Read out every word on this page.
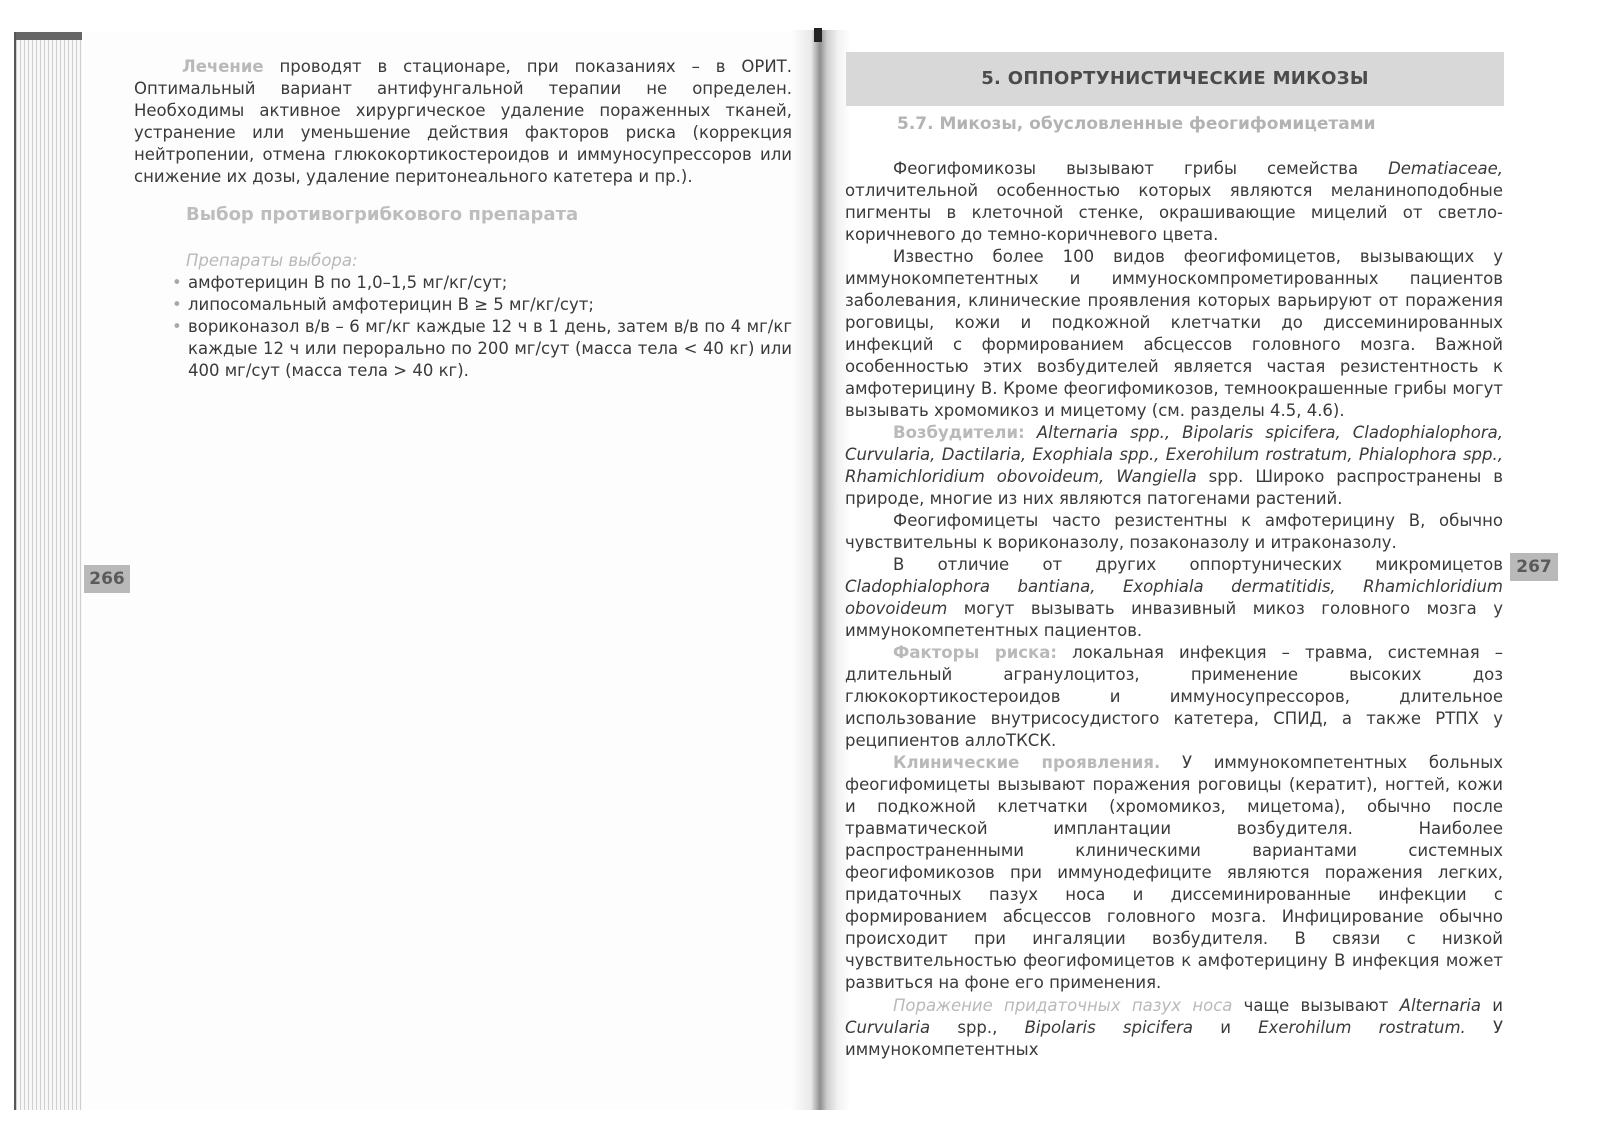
266
267

Лечение проводят в стационаре, при показаниях – в ОРИТ. Оптимальный вариант антифунгальной терапии не определен. Необходимы активное хирургическое удаление пораженных тканей, устранение или уменьшение действия факторов риска (коррекция нейтропении, отмена глюкокортикостероидов и иммуносупрессоров или снижение их дозы, удаление перитонеального катетера и пр.).

Выбор противогрибкового препарата
Препараты выбора:
• амфотерицин В по 1,0–1,5 мг/кг/сут;
• липосомальный амфотерицин В ≥ 5 мг/кг/сут;
• вориконазол в/в – 6 мг/кг каждые 12 ч в 1 день, затем в/в по 4 мг/кг каждые 12 ч или перорально по 200 мг/сут (масса тела < 40 кг) или 400 мг/сут (масса тела > 40 кг).
5. ОППОРТУНИСТИЧЕСКИЕ МИКОЗЫ
5.7. Микозы, обусловленные феогифомицетами

Феогифомикозы вызывают грибы семейства Dematiaceae, отличительной особенностью которых являются меланиноподобные пигменты в клеточной стенке, окрашивающие мицелий от светло-коричневого до темно-коричневого цвета.

Известно более 100 видов феогифомицетов, вызывающих у иммунокомпетентных и иммуноскомпрометированных пациентов заболевания, клинические проявления которых варьируют от поражения роговицы, кожи и подкожной клетчатки до диссеминированных инфекций с формированием абсцессов головного мозга. Важной особенностью этих возбудителей является частая резистентность к амфотерицину В. Кроме феогифомикозов, темноокрашенные грибы могут вызывать хромомикоз и мицетому (см. разделы 4.5, 4.6).

Возбудители: Alternaria spp., Bipolaris spicifera, Cladophialophora, Curvularia, Dactilaria, Exophiala spp., Exerohilum rostratum, Phialophora spp., Rhamichloridium obovoideum, Wangiella spp. Широко распространены в природе, многие из них являются патогенами растений.

Феогифомицеты часто резистентны к амфотерицину В, обычно чувствительны к вориконазолу, позаконазолу и итраконазолу.

В отличие от других оппортунических микромицетов Cladophialophora bantiana, Exophiala dermatitidis, Rhamichloridium obovoideum могут вызывать инвазивный микоз головного мозга у иммунокомпетентных пациентов.

Факторы риска: локальная инфекция – травма, системная – длительный агранулоцитоз, применение высоких доз глюкокортикостероидов и иммуносупрессоров, длительное использование внутрисосудистого катетера, СПИД, а также РТПХ у реципиентов аллоТКСК.

Клинические проявления. У иммунокомпетентных больных феогифомицеты вызывают поражения роговицы (кератит), ногтей, кожи и подкожной клетчатки (хромомикоз, мицетома), обычно после травматической имплантации возбудителя. Наиболее распространенными клиническими вариантами системных феогифомикозов при иммунодефиците являются поражения легких, придаточных пазух носа и диссеминированные инфекции с формированием абсцессов головного мозга. Инфицирование обычно происходит при ингаляции возбудителя. В связи с низкой чувствительностью феогифомицетов к амфотерицину В инфекция может развиться на фоне его применения.

Поражение придаточных пазух носа чаще вызывают Alternaria и Curvularia spp., Bipolaris spicifera и Exerohilum rostratum. У иммунокомпетентных
